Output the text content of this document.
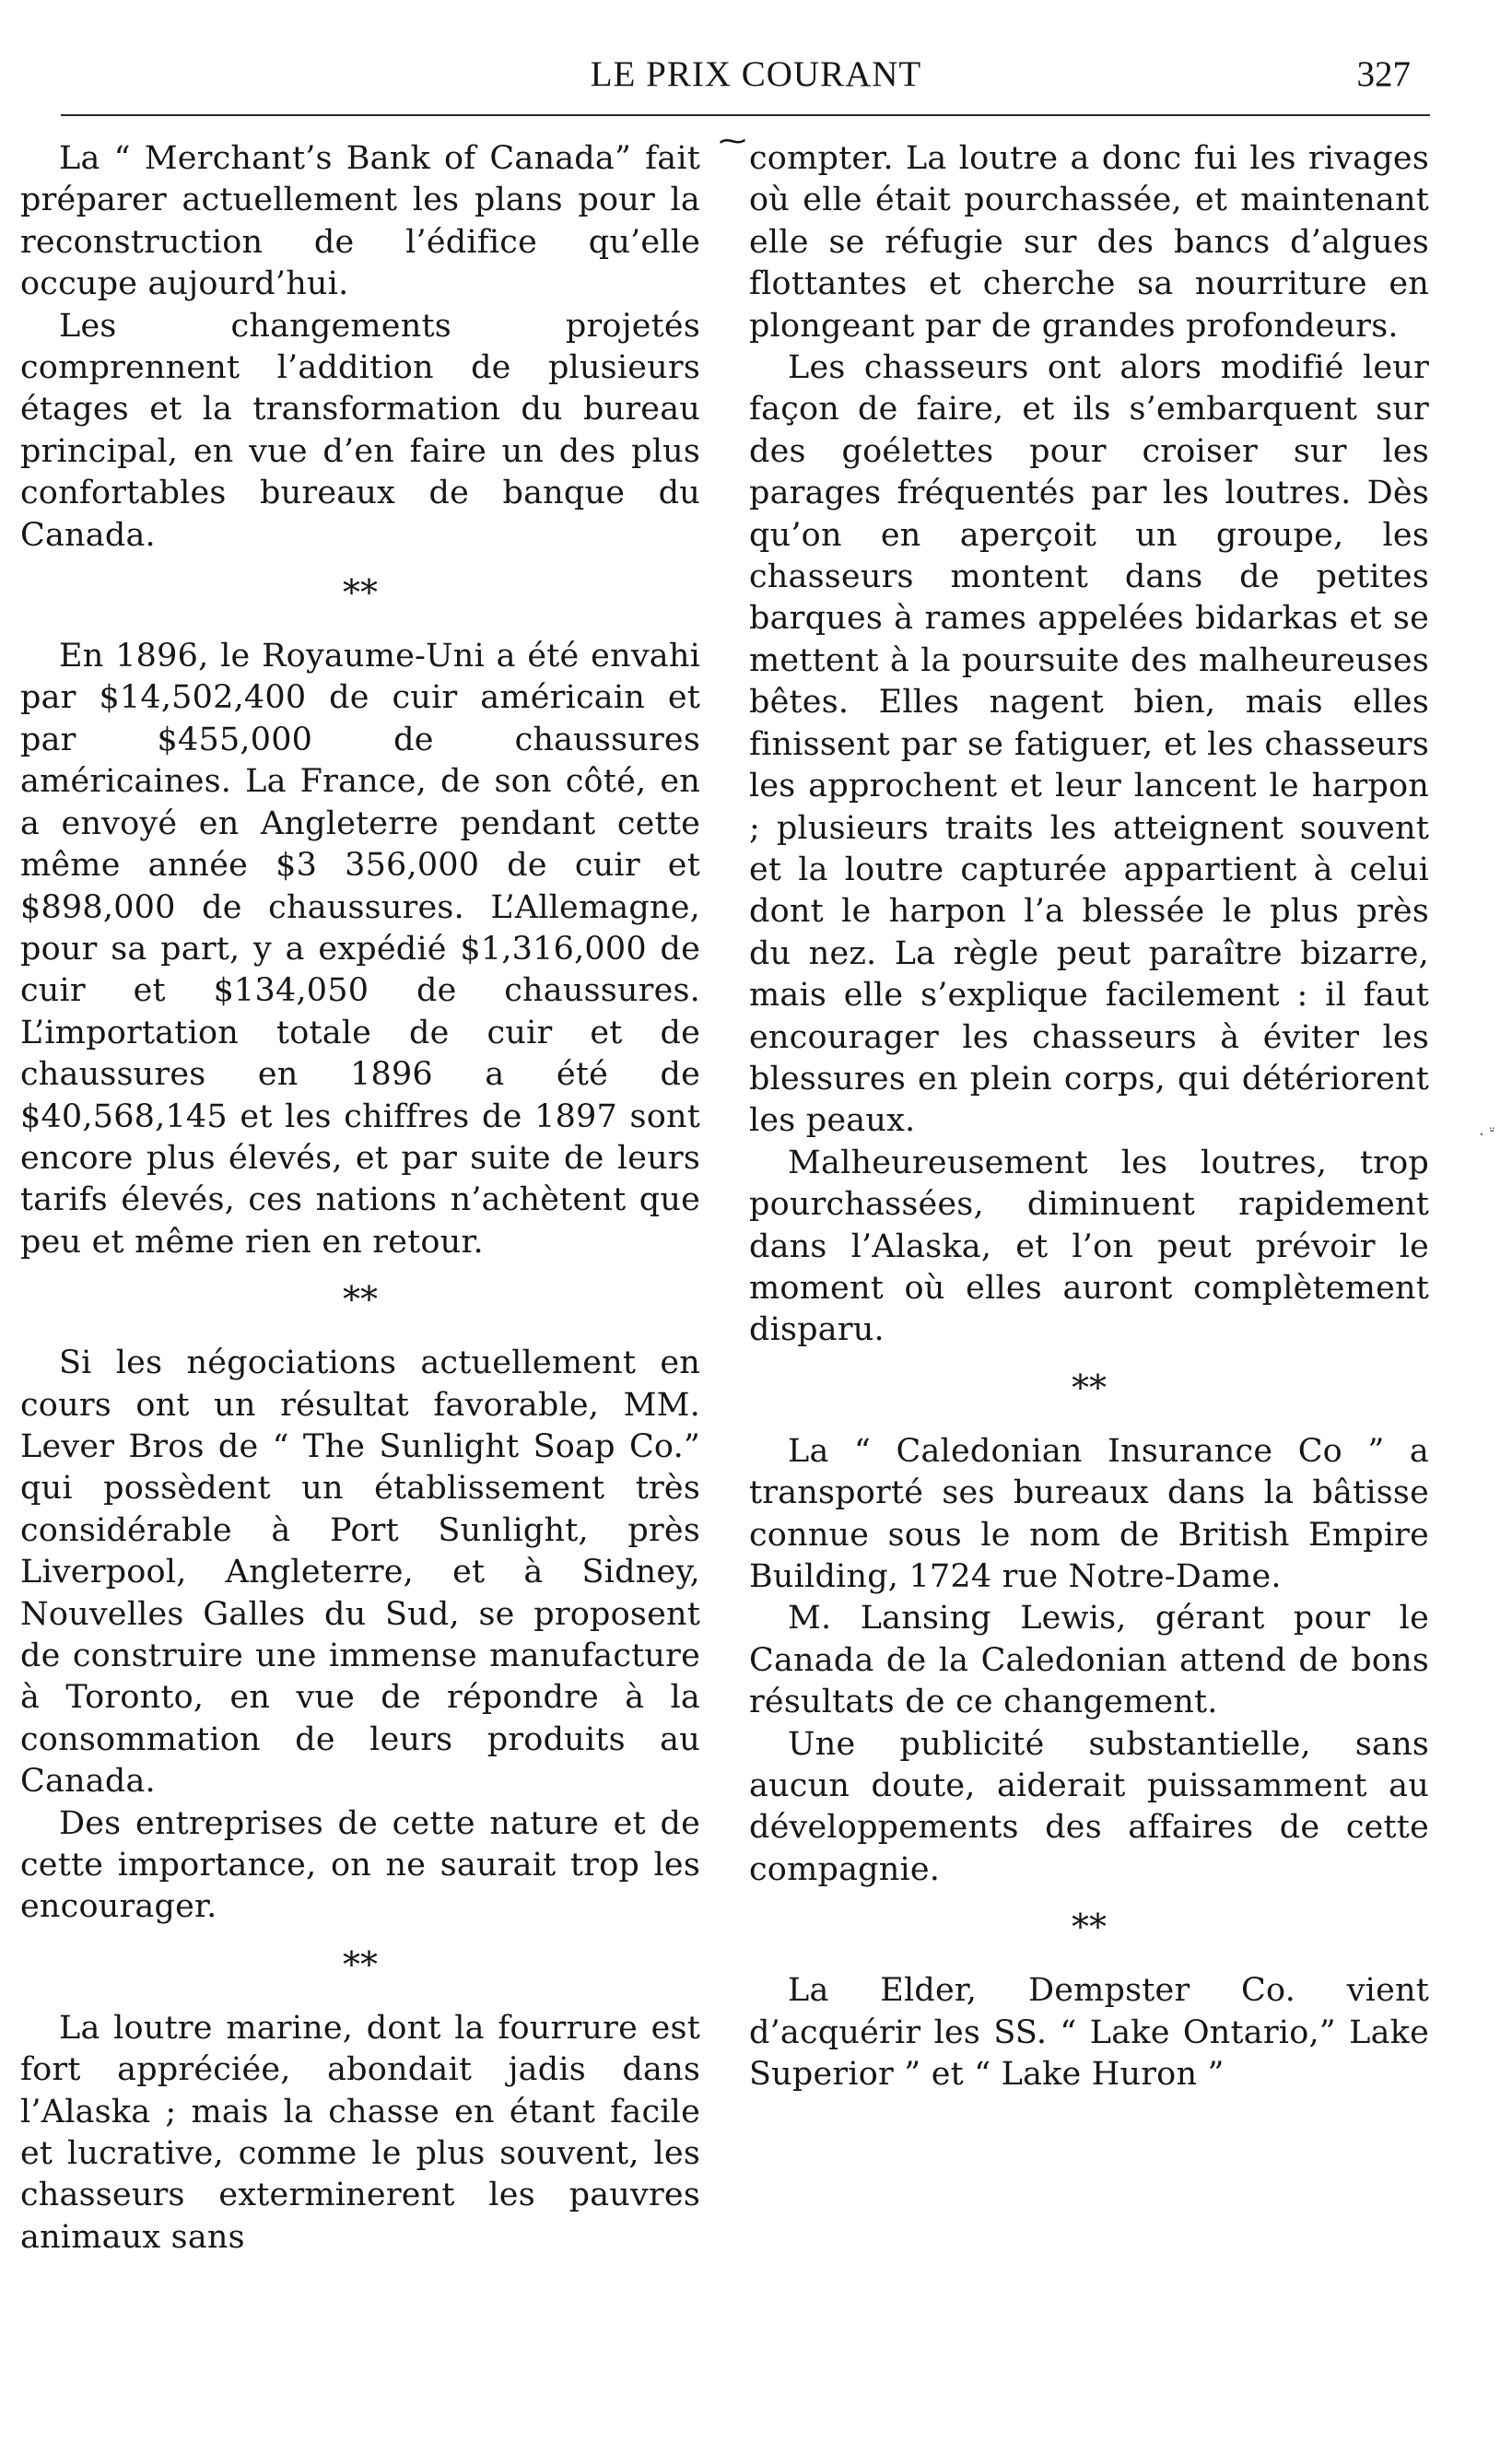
LE PRIX COURANT	327
⁓

La “ Merchant’s Bank of Canada” fait préparer actuellement les plans pour la reconstruction de l’édifice qu’elle occupe aujourd’hui.

Les changements projetés comprennent l’addition de plusieurs étages et la transformation du bureau principal, en vue d’en faire un des plus confortables bureaux de banque du Canada.

**

En 1896, le Royaume-Uni a été envahi par $14,502,400 de cuir américain et par $455,000 de chaussures américaines. La France, de son côté, en a envoyé en Angleterre pendant cette même année $3 356,000 de cuir et $898,000 de chaussures. L’Allemagne, pour sa part, y a expédié $1,316,000 de cuir et $134,050 de chaussures. L’importation totale de cuir et de chaussures en 1896 a été de $40,568,145 et les chiffres de 1897 sont encore plus élevés, et par suite de leurs tarifs élevés, ces nations n’achètent que peu et même rien en retour.

**

Si les négociations actuellement en cours ont un résultat favorable, MM. Lever Bros de “ The Sunlight Soap Co.” qui possèdent un établissement très considérable à Port Sunlight, près Liverpool, Angleterre, et à Sidney, Nouvelles Galles du Sud, se proposent de construire une immense manufacture à Toronto, en vue de répondre à la consommation de leurs produits au Canada.

Des entreprises de cette nature et de cette importance, on ne saurait trop les encourager.

**

La loutre marine, dont la fourrure est fort appréciée, abondait jadis dans l’Alaska ; mais la chasse en étant facile et lucrative, comme le plus souvent, les chasseurs exterminerent les pauvres animaux sans

compter. La loutre a donc fui les rivages où elle était pourchassée, et maintenant elle se réfugie sur des bancs d’algues flottantes et cherche sa nourriture en plongeant par de grandes profondeurs.

Les chasseurs ont alors modifié leur façon de faire, et ils s’embarquent sur des goélettes pour croiser sur les parages fréquentés par les loutres. Dès qu’on en aperçoit un groupe, les chasseurs montent dans de petites barques à rames appelées bidarkas et se mettent à la poursuite des malheureuses bêtes. Elles nagent bien, mais elles finissent par se fatiguer, et les chasseurs les approchent et leur lancent le harpon ; plusieurs traits les atteignent souvent et la loutre capturée appartient à celui dont le harpon l’a blessée le plus près du nez. La règle peut paraître bizarre, mais elle s’explique facilement : il faut encourager les chasseurs à éviter les blessures en plein corps, qui détériorent les peaux.

Malheureusement les loutres, trop pourchassées, diminuent rapidement dans l’Alaska, et l’on peut prévoir le moment où elles auront complètement disparu.

**

La “ Caledonian Insurance Co ” a transporté ses bureaux dans la bâtisse connue sous le nom de British Empire Building, 1724 rue Notre-Dame.

M. Lansing Lewis, gérant pour le Canada de la Caledonian attend de bons résultats de ce changement.

Une publicité substantielle, sans aucun doute, aiderait puissamment au développements des affaires de cette compagnie.

**

La Elder, Dempster Co. vient d’acquérir les SS. “ Lake Ontario,” Lake Superior ” et “ Lake Huron ”

. ⸚
